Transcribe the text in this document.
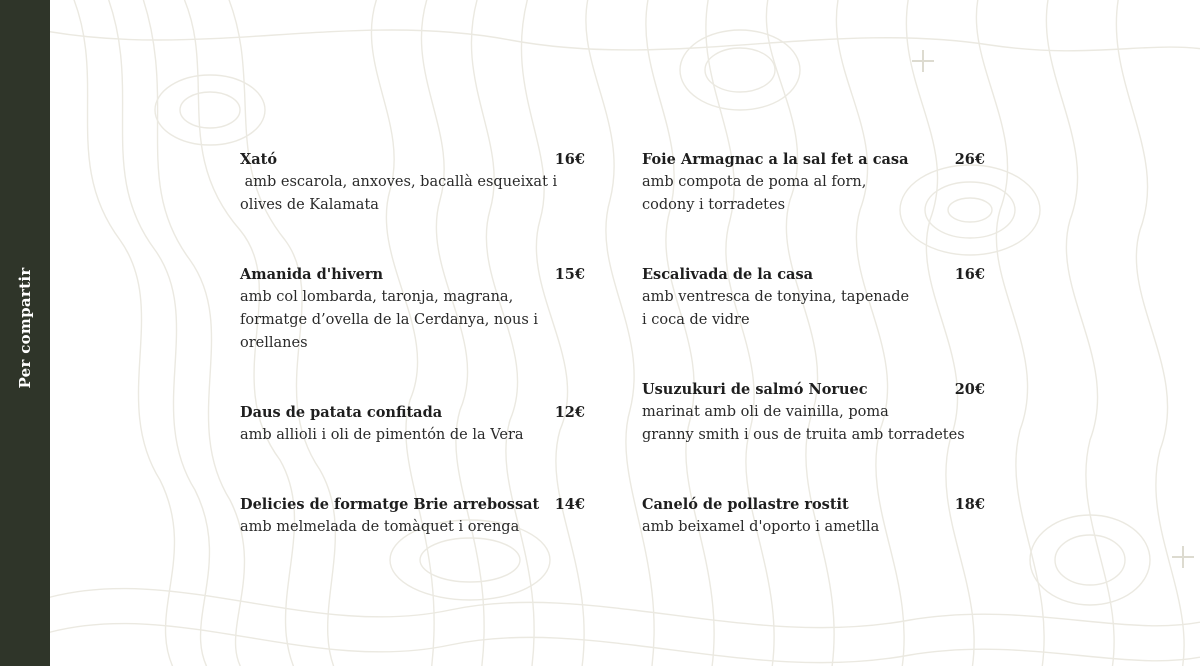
Per compartir
Xató	16€
amb escarola, anxoves, bacallà esqueixat i
olives de Kalamata
Amanida d'hivern	15€
amb col lombarda, taronja, magrana,
formatge d’ovella de la Cerdanya, nous i
orellanes
Daus de patata confitada	12€
amb allioli i oli de pimentón de la Vera
Delicies de formatge Brie arrebossat 14€
amb melmelada de tomàquet i orenga
Foie Armagnac a la sal fet a casa	26€
amb compota de poma al forn,
codony i torradetes
Escalivada de la casa	16€
amb ventresca de tonyina, tapenade
i coca de vidre
Usuzukuri de salmó Noruec	20€
marinat amb oli de vainilla, poma
granny smith i ous de truita amb torradetes
Caneló de pollastre rostit	18€
amb beixamel d'oporto i ametlla
